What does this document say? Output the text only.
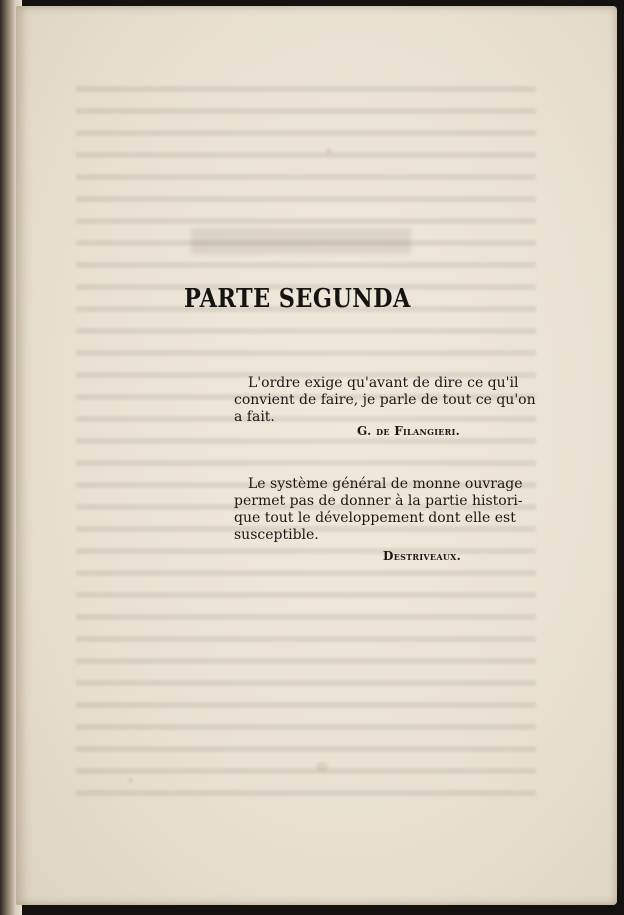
PARTE SEGUNDA

L'ordre exige qu'avant de dire ce qu'il
convient de faire, je parle de tout ce qu'on
a fait.

G. de Filangieri.

Le système général de monne ouvrage
permet pas de donner à la partie histori-
que tout le développement dont elle est
susceptible.

Destriveaux.
